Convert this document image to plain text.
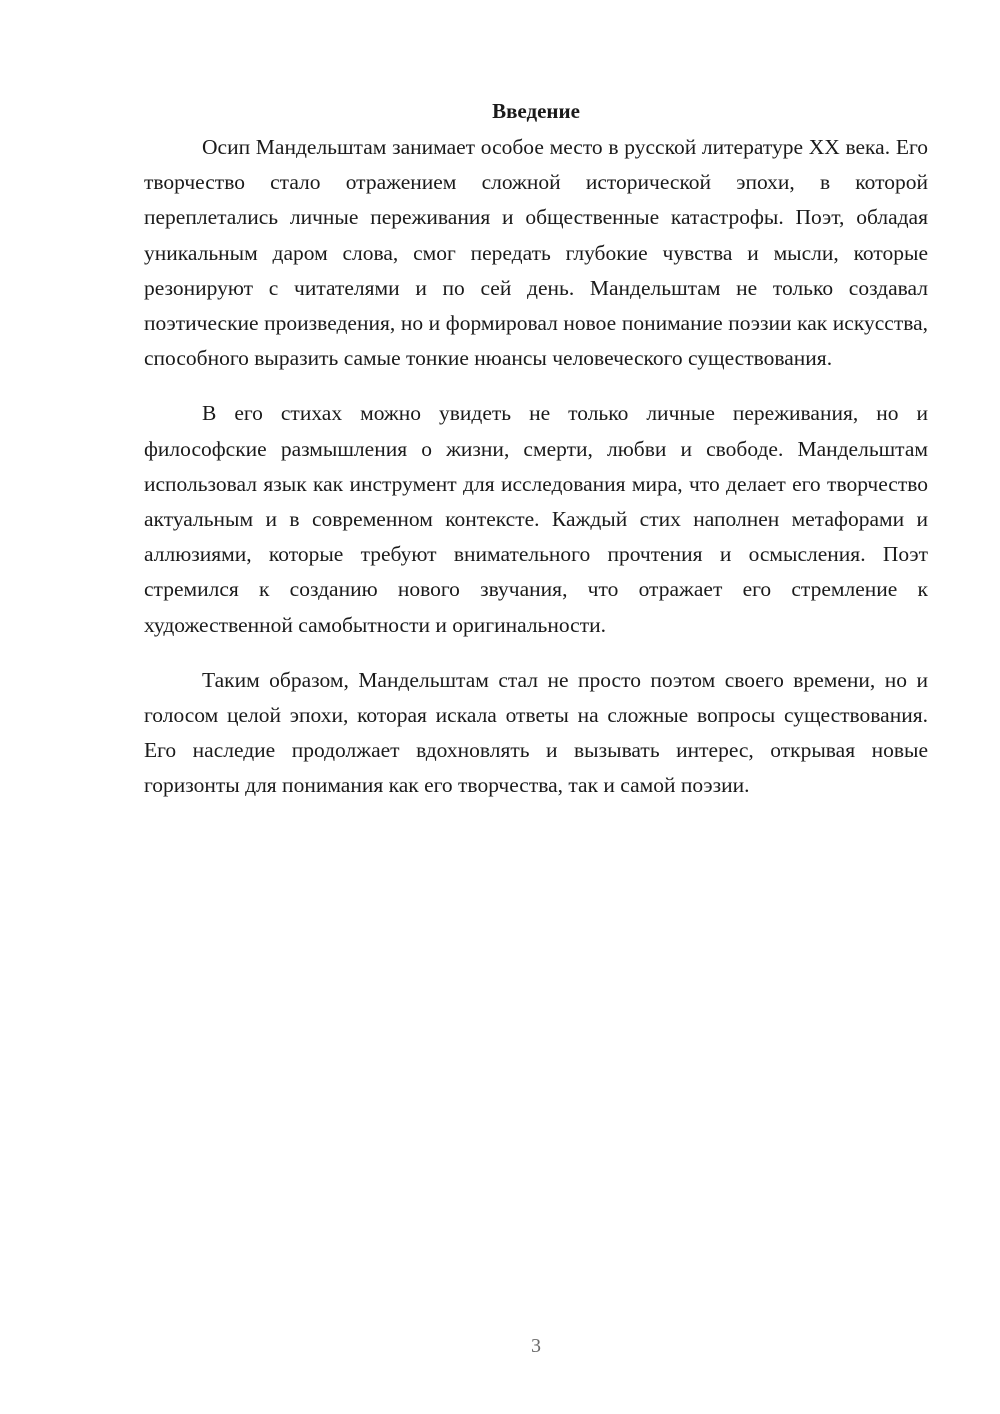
Введение

Осип Мандельштам занимает особое место в русской литературе XX века. Его творчество стало отражением сложной исторической эпохи, в которой переплетались личные переживания и общественные катастрофы. Поэт, обладая уникальным даром слова, смог передать глубокие чувства и мысли, которые резонируют с читателями и по сей день. Мандельштам не только создавал поэтические произведения, но и формировал новое понимание поэзии как искусства, способного выразить самые тонкие нюансы человеческого существования.

В его стихах можно увидеть не только личные переживания, но и философские размышления о жизни, смерти, любви и свободе. Мандельштам использовал язык как инструмент для исследования мира, что делает его творчество актуальным и в современном контексте. Каждый стих наполнен метафорами и аллюзиями, которые требуют внимательного прочтения и осмысления. Поэт стремился к созданию нового звучания, что отражает его стремление к художественной самобытности и оригинальности.

Таким образом, Мандельштам стал не просто поэтом своего времени, но и голосом целой эпохи, которая искала ответы на сложные вопросы существования. Его наследие продолжает вдохновлять и вызывать интерес, открывая новые горизонты для понимания как его творчества, так и самой поэзии.

3
